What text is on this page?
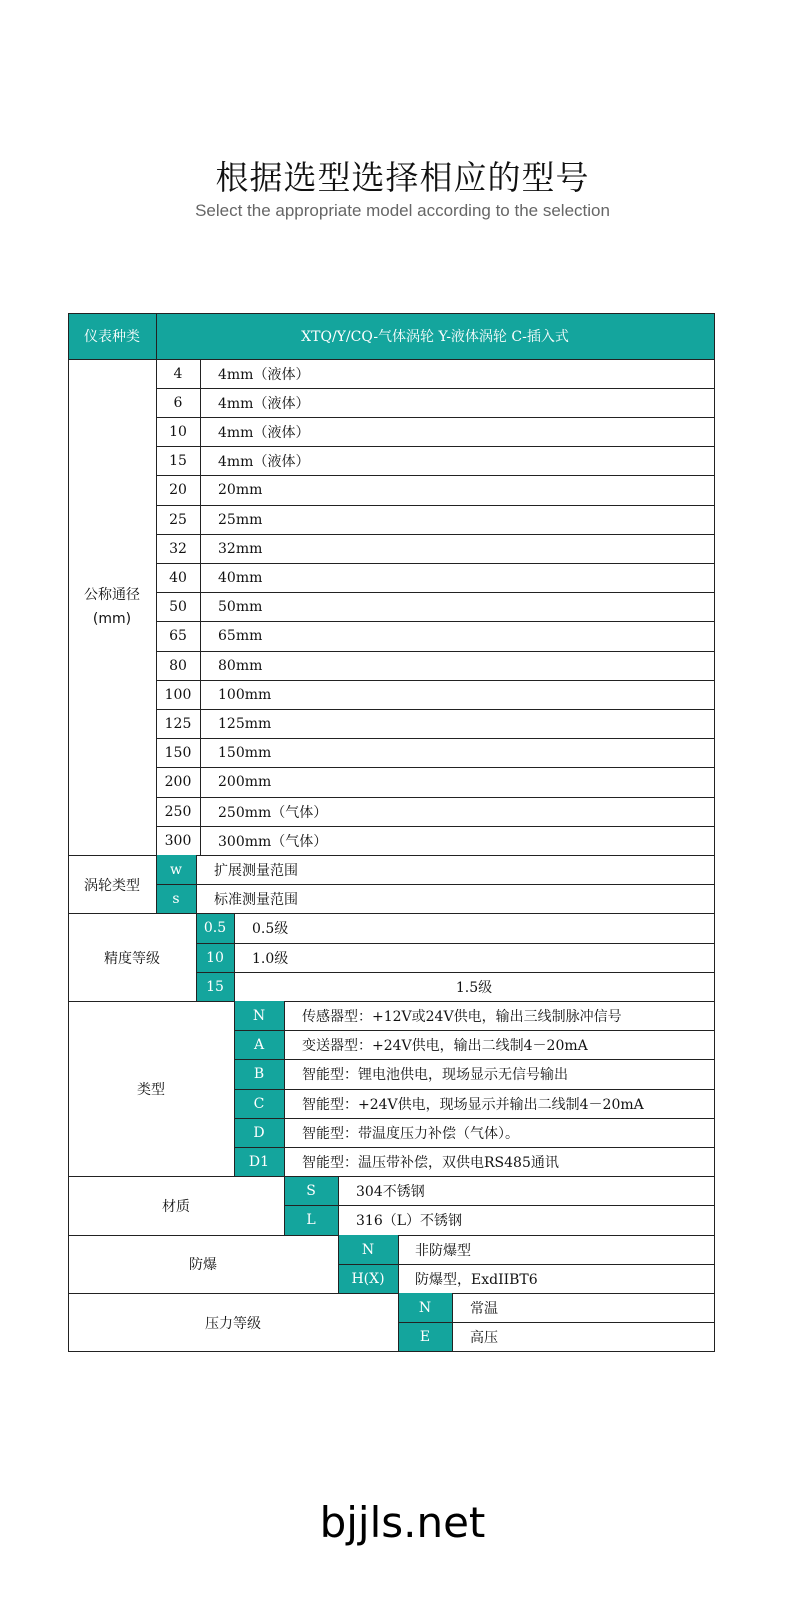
根据选型选择相应的型号
Select the appropriate model according to the selection
仪表种类	XTQ/Y/CQ-气体涡轮 Y-液体涡轮 C-插入式
公称通径
(mm)
4	4mm（液体）
6	4mm（液体）
10	4mm（液体）
15	4mm（液体）
20	20mm
25	25mm
32	32mm
40	40mm
50	50mm
65	65mm
80	80mm
100	100mm
125	125mm
150	150mm
200	200mm
250	250mm（气体）
300	300mm（气体）
涡轮类型
w	扩展测量范围
s	标准测量范围
精度等级
0.5	0.5级
10	1.0级
15	1.5级
类型
N	传感器型：+12V或24V供电，输出三线制脉冲信号
A	变送器型：+24V供电，输出二线制4－20mA
B	智能型：锂电池供电，现场显示无信号输出
C	智能型：+24V供电，现场显示并输出二线制4－20mA
D	智能型：带温度压力补偿（气体）。
D1	智能型：温压带补偿，双供电RS485通讯
材质
S	304不锈钢
L	316（L）不锈钢
防爆
N	非防爆型
H(X)	防爆型，ExdIIBT6
压力等级
N	常温
E	高压
bjjls.net
